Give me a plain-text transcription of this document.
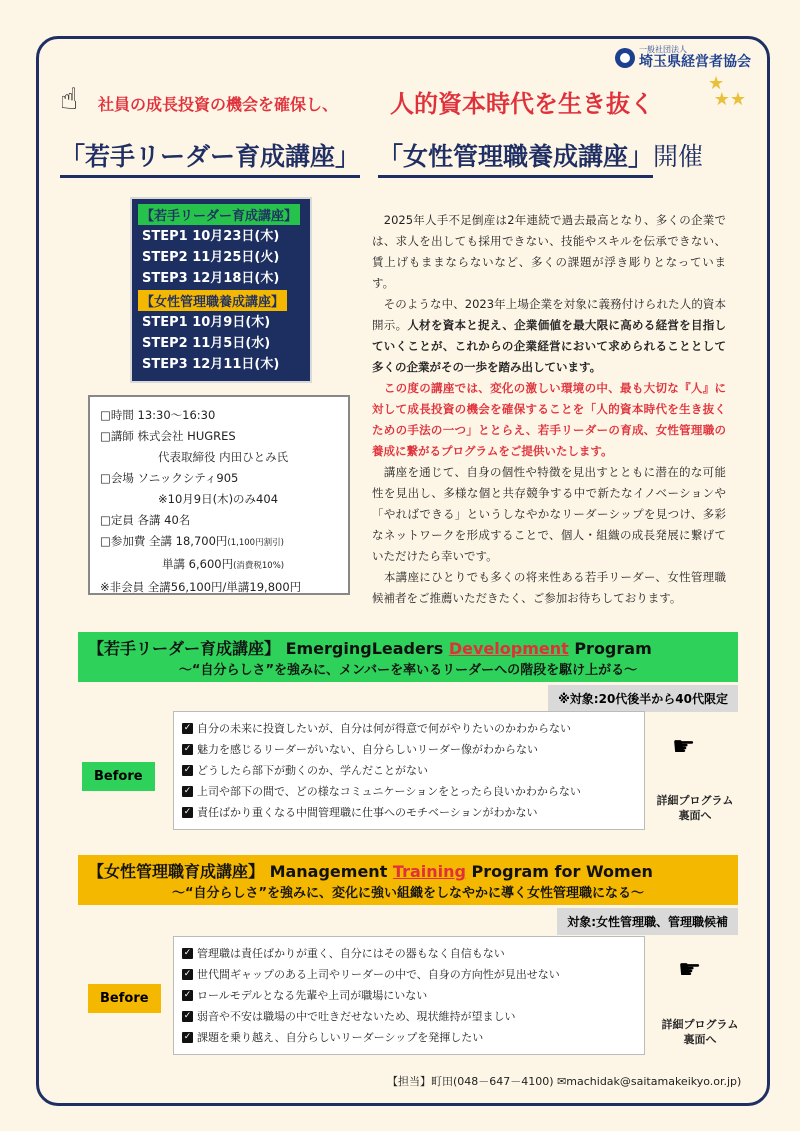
一般社団法人
埼玉県経営者協会
☝ 社員の成長投資の機会を確保し、 人的資本時代を生き抜く
★
★★
「若手リーダー育成講座」 「女性管理職養成講座」 開催
【若手リーダー育成講座】
STEP1 10月23日(木)
STEP2 11月25日(火)
STEP3 12月18日(木)
【女性管理職養成講座】
STEP1 10月9日(木)
STEP2 11月5日(水)
STEP3 12月11日(木)
□時間 13:30～16:30
□講師 株式会社 HUGRES
代表取締役 内田ひとみ氏
□会場 ソニックシティ905
※10月9日(木)のみ404
□定員 各講 40名
□参加費 全講 18,700円(1,100円割引)
単講 6,600円(消費税10%)
※非会員 全講56,100円/単講19,800円

　2025年人手不足倒産は2年連続で過去最高となり、多くの企業では、求人を出しても採用できない、技能やスキルを伝承できない、賃上げもままならないなど、多くの課題が浮き彫りとなっています。

　そのような中、2023年上場企業を対象に義務付けられた人的資本開示。人材を資本と捉え、企業価値を最大限に高める経営を目指していくことが、これからの企業経営において求められることとして多くの企業がその一歩を踏み出しています。

　この度の講座では、変化の激しい環境の中、最も大切な『人』に対して成長投資の機会を確保することを「人的資本時代を生き抜くための手法の一つ」ととらえ、若手リーダーの育成、女性管理職の養成に繋がるプログラムをご提供いたします。

　講座を通じて、自身の個性や特徴を見出すとともに潜在的な可能性を見出し、多様な個と共存競争する中で新たなイノベーションや「やればできる」というしなやかなリーダーシップを見つけ、多彩なネットワークを形成することで、個人・組織の成長発展に繋げていただけたら幸いです。

　本講座にひとりでも多くの将来性ある若手リーダー、女性管理職候補者をご推薦いただきたく、ご参加お待ちしております。

【若手リーダー育成講座】 EmergingLeaders Development Program
～“自分らしさ”を強みに、メンバーを率いるリーダーへの階段を駆け上がる～
※対象:20代後半から40代限定
Before
✓ 自分の未来に投資したいが、自分は何が得意で何がやりたいのかわからない
✓ 魅力を感じるリーダーがいない、自分らしいリーダー像がわからない
✓ どうしたら部下が動くのか、学んだことがない
✓ 上司や部下の間で、どの様なコミュニケーションをとったら良いかわからない
✓ 責任ばかり重くなる中間管理職に仕事へのモチベーションがわかない
☛
詳細プログラム
裏面へ
【女性管理職育成講座】 Management Training Program for Women
～“自分らしさ”を強みに、変化に強い組織をしなやかに導く女性管理職になる～
対象:女性管理職、管理職候補
Before
✓ 管理職は責任ばかりが重く、自分にはその器もなく自信もない
✓ 世代間ギャップのある上司やリーダーの中で、自身の方向性が見出せない
✓ ロールモデルとなる先輩や上司が職場にいない
✓ 弱音や不安は職場の中で吐きだせないため、現状維持が望ましい
✓ 課題を乗り越え、自分らしいリーダーシップを発揮したい
☛
詳細プログラム
裏面へ
【担当】町田(048－647－4100) ✉machidak@saitamakeikyo.or.jp)
